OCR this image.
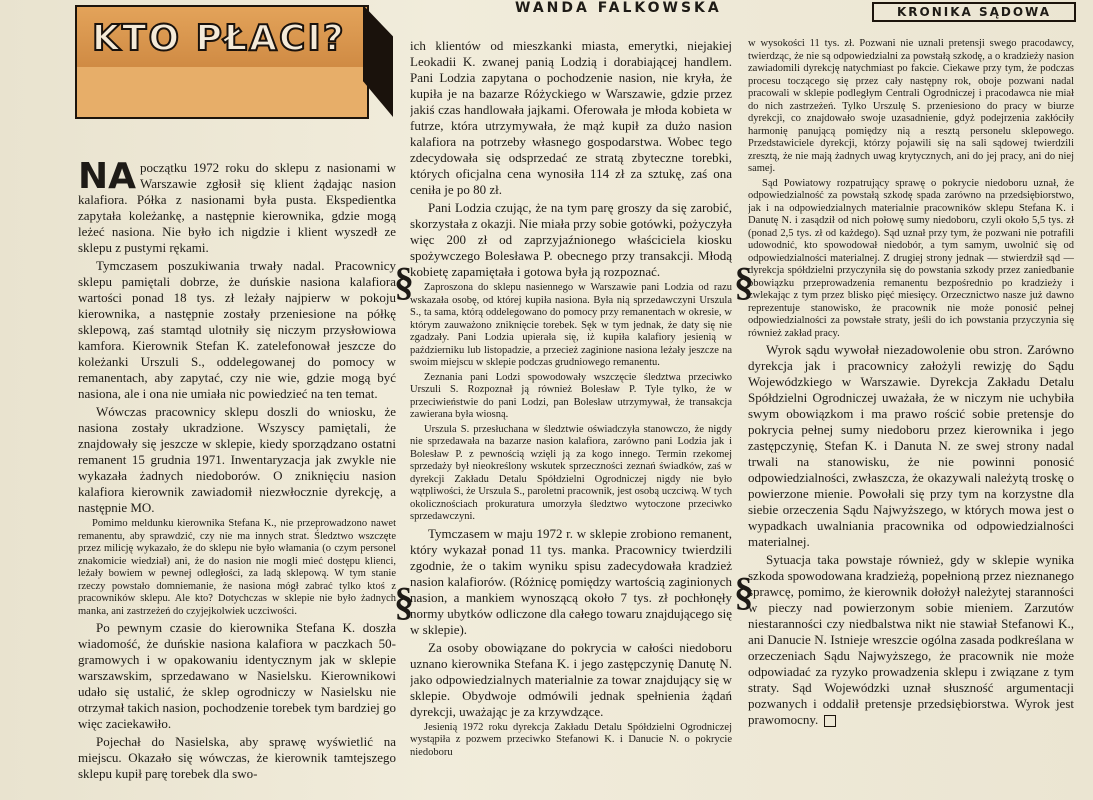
KTO PŁACI?
WANDA FALKOWSKA	KRONIKA SĄDOWA

NA początku 1972 roku do sklepu z nasionami w Warszawie zgłosił się klient żądając nasion kalafiora. Półka z nasionami była pusta. Ekspedientka zapytała koleżankę, a następnie kierownika, gdzie mogą leżeć nasiona. Nie było ich nigdzie i klient wyszedł ze sklepu z pustymi rękami.

Tymczasem poszukiwania trwały nadal. Pracownicy sklepu pamiętali dobrze, że duńskie nasiona kalafiora wartości ponad 18 tys. zł leżały najpierw w pokoju kierownika, a następnie zostały przeniesione na półkę sklepową, zaś stamtąd ulotniły się niczym przysłowiowa kamfora. Kierownik Stefan K. zatelefonował jeszcze do koleżanki Urszuli S., oddelegowanej do pomocy w remanentach, aby zapytać, czy nie wie, gdzie mogą być nasiona, ale i ona nie umiała nic powiedzieć na ten temat.

Wówczas pracownicy sklepu doszli do wniosku, że nasiona zostały ukradzione. Wszyscy pamiętali, że znajdowały się jeszcze w sklepie, kiedy sporządzano ostatni remanent 15 grudnia 1971. Inwentaryzacja jak zwykle nie wykazała żadnych niedoborów. O zniknięciu nasion kalafiora kierownik zawiadomił niezwłocznie dyrekcję, a następnie MO.

Pomimo meldunku kierownika Stefana K., nie przeprowadzono nawet remanentu, aby sprawdzić, czy nie ma innych strat. Śledztwo wszczęte przez milicję wykazało, że do sklepu nie było włamania (o czym personel znakomicie wiedział) ani, że do nasion nie mogli mieć dostępu klienci, leżały bowiem w pewnej odległości, za ladą sklepową. W tym stanie rzeczy powstało domniemanie, że nasiona mógł zabrać tylko ktoś z pracowników sklepu. Ale kto? Dotychczas w sklepie nie było żadnych manka, ani zastrzeżeń do czyjejkolwiek uczciwości.

Po pewnym czasie do kierownika Stefana K. doszła wiadomość, że duńskie nasiona kalafiora w paczkach 50-gramowych i w opakowaniu identycznym jak w sklepie warszawskim, sprzedawano w Nasielsku. Kierownikowi udało się ustalić, że sklep ogrodniczy w Nasielsku nie otrzymał takich nasion, pochodzenie torebek tym bardziej go więc zaciekawiło.

Pojechał do Nasielska, aby sprawę wyświetlić na miejscu. Okazało się wówczas, że kierownik tamtejszego sklepu kupił parę torebek dla swo-

ich klientów od mieszkanki miasta, emerytki, niejakiej Leokadii K. zwanej panią Lodzią i dorabiającej handlem. Pani Lodzia zapytana o pochodzenie nasion, nie kryła, że kupiła je na bazarze Różyckiego w Warszawie, gdzie przez jakiś czas handlowała jajkami. Oferowała je młoda kobieta w futrze, która utrzymywała, że mąż kupił za dużo nasion kalafiora na potrzeby własnego gospodarstwa. Wobec tego zdecydowała się odsprzedać ze stratą zbyteczne torebki, których oficjalna cena wynosiła 114 zł za sztukę, zaś ona ceniła je po 80 zł.

Pani Lodzia czując, że na tym parę groszy da się zarobić, skorzystała z okazji. Nie miała przy sobie gotówki, pożyczyła więc 200 zł od zaprzyjaźnionego właściciela kiosku spożywczego Bolesława P. obecnego przy transakcji. Młodą kobietę zapamiętała i gotowa była ją rozpoznać.

Zaproszona do sklepu nasiennego w Warszawie pani Lodzia od razu wskazała osobę, od której kupiła nasiona. Była nią sprzedawczyni Urszula S., ta sama, którą oddelegowano do pomocy przy remanentach w okresie, w którym zauważono zniknięcie torebek. Sęk w tym jednak, że daty się nie zgadzały. Pani Lodzia upierała się, iż kupiła kalafiory jesienią w październiku lub listopadzie, a przecież zaginione nasiona leżały jeszcze na swoim miejscu w sklepie podczas grudniowego remanentu.

Zeznania pani Lodzi spowodowały wszczęcie śledztwa przeciwko Urszuli S. Rozpoznał ją również Bolesław P. Tyle tylko, że w przeciwieństwie do pani Lodzi, pan Bolesław utrzymywał, że transakcja zawierana była wiosną.

Urszula S. przesłuchana w śledztwie oświadczyła stanowczo, że nigdy nie sprzedawała na bazarze nasion kalafiora, zarówno pani Lodzia jak i Bolesław P. z pewnością wzięli ją za kogo innego. Termin rzekomej sprzedaży był nieokreślony wskutek sprzeczności zeznań świadków, zaś w dyrekcji Zakładu Detalu Spółdzielni Ogrodniczej nigdy nie było wątpliwości, że Urszula S., paroletni pracownik, jest osobą uczciwą. W tych okolicznościach prokuratura umorzyła śledztwo wytoczone przeciwko sprzedawczyni.

Tymczasem w maju 1972 r. w sklepie zrobiono remanent, który wykazał ponad 11 tys. manka. Pracownicy twierdzili zgodnie, że o takim wyniku spisu zadecydowała kradzież nasion kalafiorów. (Różnicę pomiędzy wartością zaginionych nasion, a mankiem wynoszącą około 7 tys. zł pochłonęły normy ubytków odliczone dla całego towaru znajdującego się w sklepie).

Za osoby obowiązane do pokrycia w całości niedoboru uznano kierownika Stefana K. i jego zastępczynię Danutę N. jako odpowiedzialnych materialnie za towar znajdujący się w sklepie. Obydwoje odmówili jednak spełnienia żądań dyrekcji, uważając je za krzywdzące.

Jesienią 1972 roku dyrekcja Zakładu Detalu Spółdzielni Ogrodniczej wystąpiła z pozwem przeciwko Stefanowi K. i Danucie N. o pokrycie niedoboru

w wysokości 11 tys. zł. Pozwani nie uznali pretensji swego pracodawcy, twierdząc, że nie są odpowiedzialni za powstałą szkodę, a o kradzieży nasion zawiadomili dyrekcję natychmiast po fakcie. Ciekawe przy tym, że podczas procesu toczącego się przez cały następny rok, oboje pozwani nadal pracowali w sklepie podległym Centrali Ogrodniczej i pracodawca nie miał do nich zastrzeżeń. Tylko Urszulę S. przeniesiono do pracy w biurze dyrekcji, co znajdowało swoje uzasadnienie, gdyż podejrzenia zakłóciły harmonię panującą pomiędzy nią a resztą personelu sklepowego. Przedstawiciele dyrekcji, którzy pojawili się na sali sądowej twierdzili zresztą, że nie mają żadnych uwag krytycznych, ani do jej pracy, ani do niej samej.

Sąd Powiatowy rozpatrujący sprawę o pokrycie niedoboru uznał, że odpowiedzialność za powstałą szkodę spada zarówno na przedsiębiorstwo, jak i na odpowiedzialnych materialnie pracowników sklepu Stefana K. i Danutę N. i zasądził od nich połowę sumy niedoboru, czyli około 5,5 tys. zł (ponad 2,5 tys. zł od każdego). Sąd uznał przy tym, że pozwani nie potrafili udowodnić, kto spowodował niedobór, a tym samym, uwolnić się od odpowiedzialności materialnej. Z drugiej strony jednak — stwierdził sąd — dyrekcja spółdzielni przyczyniła się do powstania szkody przez zaniedbanie obowiązku przeprowadzenia remanentu bezpośrednio po kradzieży i zwlekając z tym przez blisko pięć miesięcy. Orzecznictwo nasze już dawno reprezentuje stanowisko, że pracownik nie może ponosić pełnej odpowiedzialności za powstałe straty, jeśli do ich powstania przyczynia się również zakład pracy.

Wyrok sądu wywołał niezadowolenie obu stron. Zarówno dyrekcja jak i pracownicy założyli rewizję do Sądu Wojewódzkiego w Warszawie. Dyrekcja Zakładu Detalu Spółdzielni Ogrodniczej uważała, że w niczym nie uchybiła swym obowiązkom i ma prawo rościć sobie pretensje do pokrycia pełnej sumy niedoboru przez kierownika i jego zastępczynię, Stefan K. i Danuta N. ze swej strony nadal trwali na stanowisku, że nie powinni ponosić odpowiedzialności, zwłaszcza, że okazywali należytą troskę o powierzone mienie. Powołali się przy tym na korzystne dla siebie orzeczenia Sądu Najwyższego, w których mowa jest o wypadkach uwalniania pracownika od odpowiedzialności materialnej.

Sytuacja taka powstaje również, gdy w sklepie wynika szkoda spowodowana kradzieżą, popełnioną przez nieznanego sprawcę, pomimo, że kierownik dołożył należytej staranności w pieczy nad powierzonym sobie mieniem. Zarzutów niestaranności czy niedbalstwa nikt nie stawiał Stefanowi K., ani Danucie N. Istnieje wreszcie ogólna zasada podkreślana w orzeczeniach Sądu Najwyższego, że pracownik nie może odpowiadać za ryzyko prowadzenia sklepu i związane z tym straty. Sąd Wojewódzki uznał słuszność argumentacji pozwanych i oddalił pretensje przedsiębiorstwa. Wyrok jest prawomocny.

§	§
§	§
